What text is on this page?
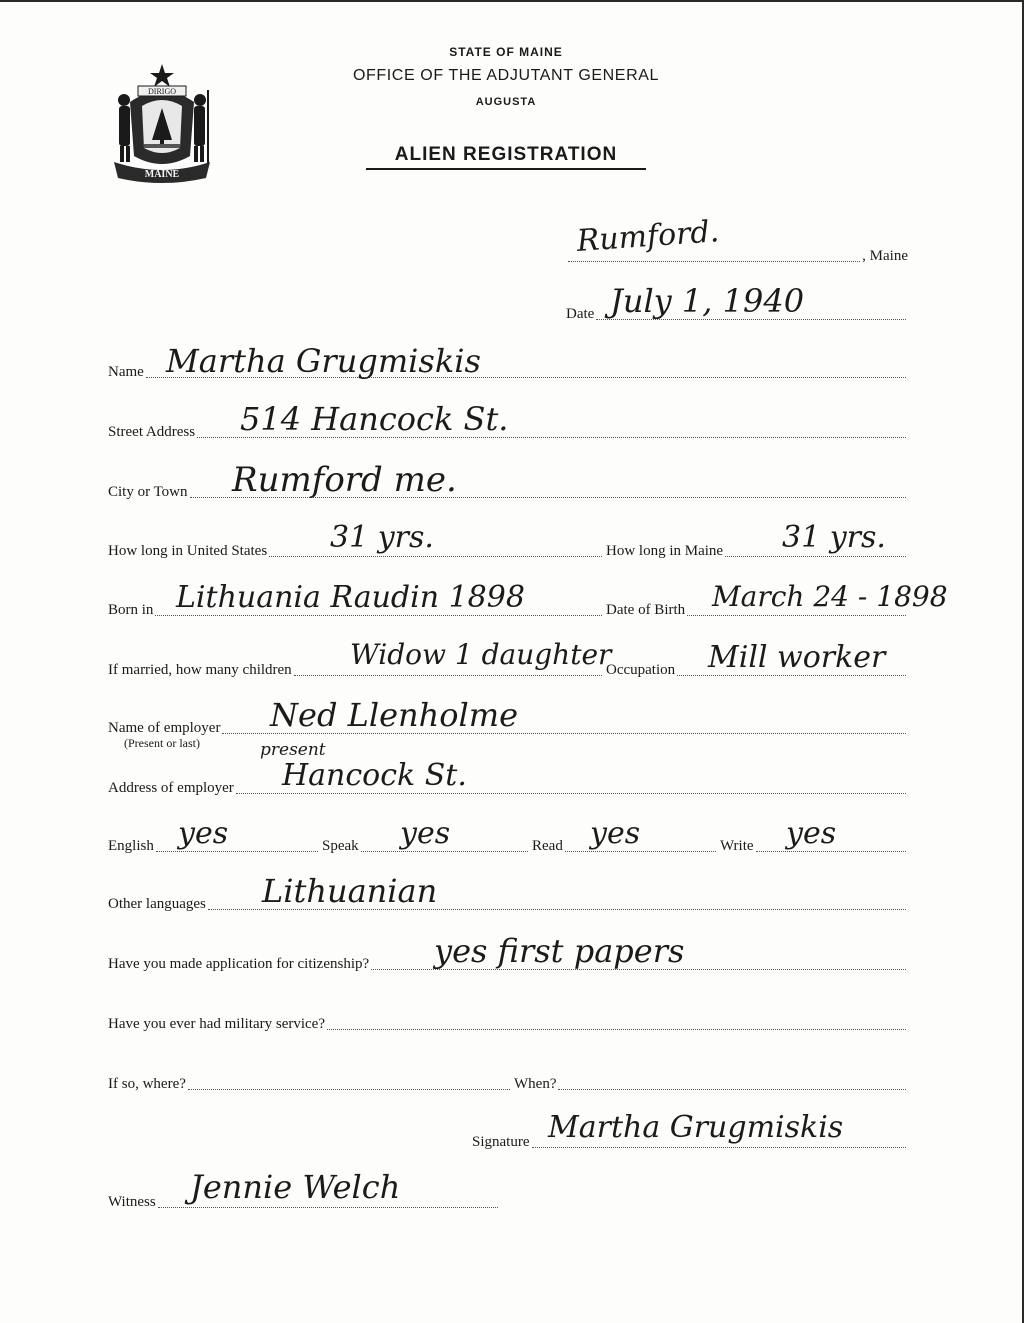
MAINE
DIRIGO
STATE OF MAINE
OFFICE OF THE ADJUTANT GENERAL
AUGUSTA
ALIEN REGISTRATION
, Maine
Rumford.
Date July 1, 1940
Name Martha Grugmiskis
Street Address 514 Hancock St.
City or Town Rumford me.
How long in United States 31 yrs.	How long in Maine 31 yrs.
Born in Lithuania Raudin 1898	Date of Birth March 24 - 1898
If married, how many children Widow 1 daughter
Occupation Mill worker
Name of employer
(Present or last)
Ned Llenholme
present
Address of employer Hancock St.
English yes	Speak yes	Read yes	Write yes
Other languages Lithuanian
Have you made application for citizenship? yes first papers
Have you ever had military service?
If so, where?	When?
Signature Martha Grugmiskis
Witness Jennie Welch
